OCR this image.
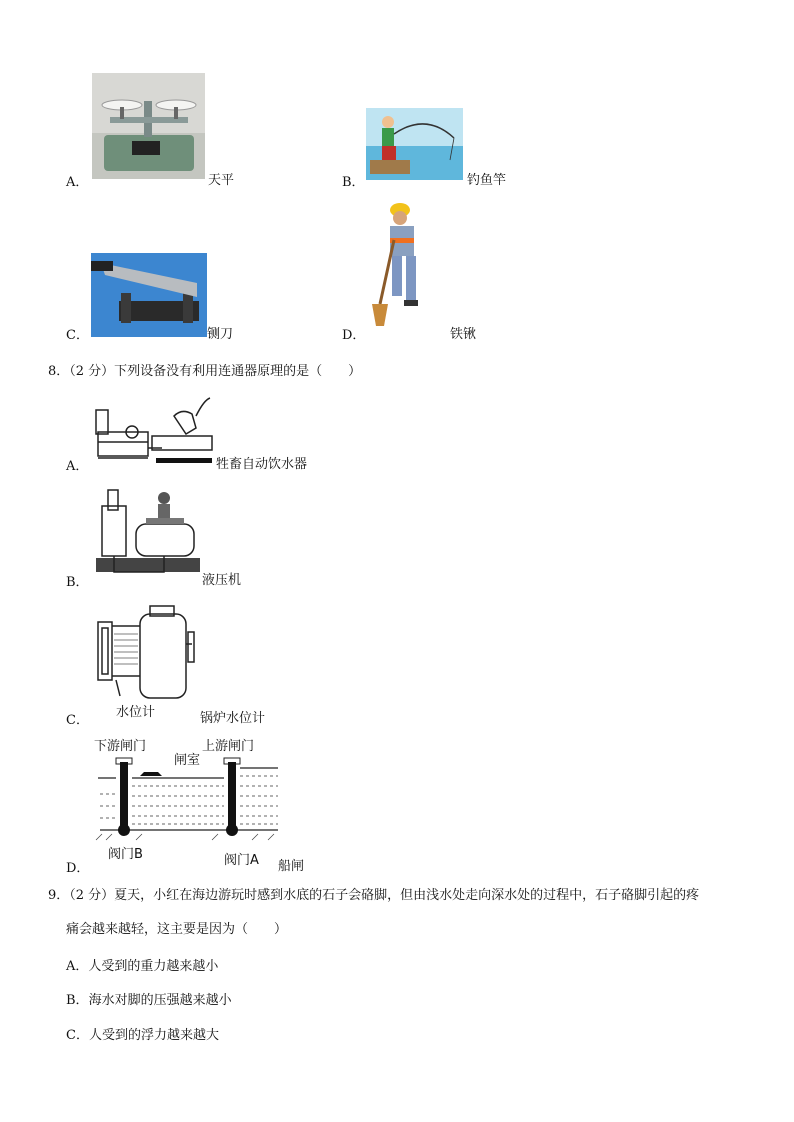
A．	天平	B．	钓鱼竿
C．	铡刀	D．	铁锹
8．（2 分）下列设备没有利用连通器原理的是（　　）
A．	牲畜自动饮水器
B．	液压机
C．
水位计	锅炉水位计
D．
下游闸门
闸室
上游闸门
阀门B	阀门A 船闸
9．（2 分）夏天，小红在海边游玩时感到水底的石子会硌脚，但由浅水处走向深水处的过程中，石子硌脚引起的疼
痛会越来越轻，这主要是因为（　　）
A．人受到的重力越来越小
B．海水对脚的压强越来越小
C．人受到的浮力越来越大
